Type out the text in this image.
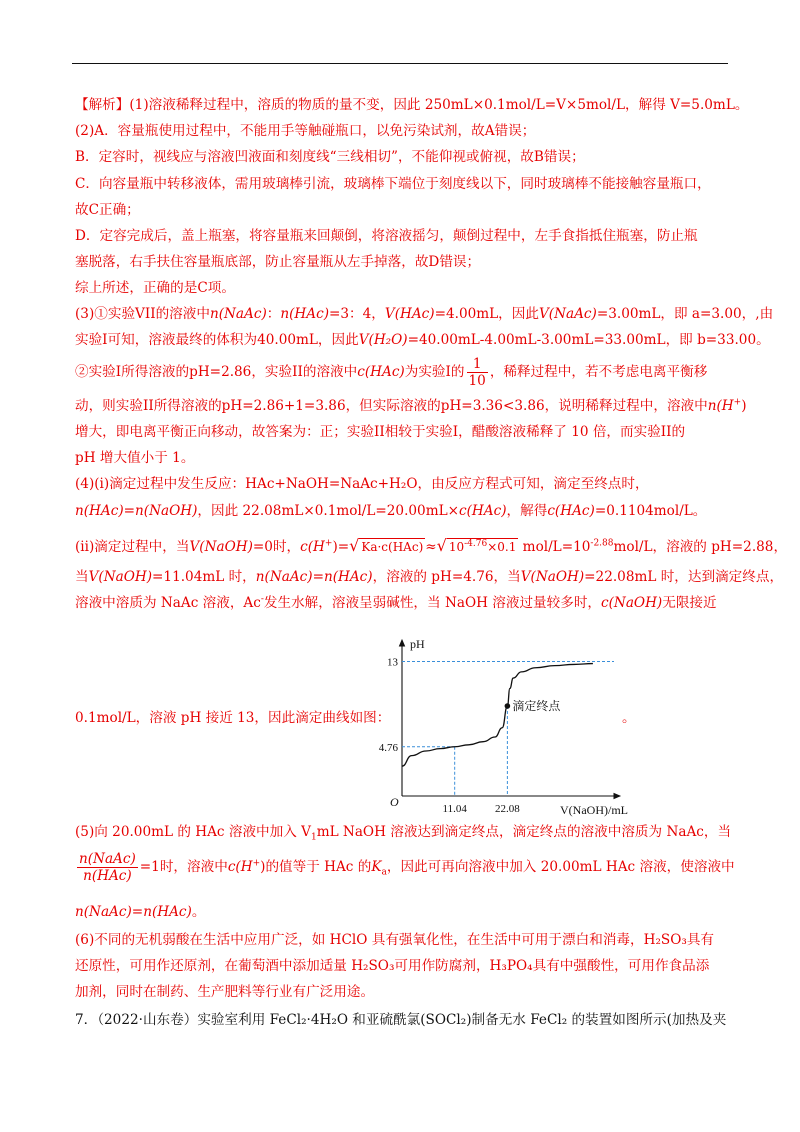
【解析】(1)溶液稀释过程中，溶质的物质的量不变，因此 250mL×0.1mol/L=V×5mol/L，解得 V=5.0mL。
(2)A．容量瓶使用过程中，不能用手等触碰瓶口，以免污染试剂，故A错误；
B．定容时，视线应与溶液凹液面和刻度线“三线相切”，不能仰视或俯视，故B错误；
C．向容量瓶中转移液体，需用玻璃棒引流，玻璃棒下端位于刻度线以下，同时玻璃棒不能接触容量瓶口，
故C正确；
D．定容完成后，盖上瓶塞，将容量瓶来回颠倒，将溶液摇匀，颠倒过程中，左手食指抵住瓶塞，防止瓶
塞脱落，右手扶住容量瓶底部，防止容量瓶从左手掉落，故D错误；
综上所述，正确的是C项。
(3)①实验VII的溶液中n(NaAc)：n(HAc)=3：4，V(HAc)=4.00mL，因此V(NaAc)=3.00mL，即 a=3.00，,由
实验I可知，溶液最终的体积为40.00mL，因此V(H₂O)=40.00mL-4.00mL-3.00mL=33.00mL，即 b=33.00。
②实验I所得溶液的pH=2.86，实验II的溶液中c(HAc)为实验I的 $\frac{1}{10}$ ，稀释过程中，若不考虑电离平衡移
动，则实验II所得溶液的pH=2.86+1=3.86，但实际溶液的pH=3.36<3.86，说明稀释过程中，溶液中n(H+)
增大，即电离平衡正向移动，故答案为：正；实验II相较于实验I，醋酸溶液稀释了 10 倍，而实验II的
pH 增大值小于 1。
(4)(i)滴定过程中发生反应：HAc+NaOH=NaAc+H₂O，由反应方程式可知，滴定至终点时，
n(HAc)=n(NaOH)，因此 22.08mL×0.1mol/L=20.00mL×c(HAc)，解得c(HAc)=0.1104mol/L。
(ii)滴定过程中，当V(NaOH)=0时，c(H+)=√ Ka·c(HAc) ≈√ $10^{-4.76}\times 0.1$ mol/$L=10^{-2.88}mol/L$，溶液的 pH=2.88，
当V(NaOH)=11.04mL 时，n(NaAc)=n(HAc)，溶液的 pH=4.76，当V(NaOH)=22.08mL 时，达到滴定终点，
溶液中溶质为 NaAc 溶液，Ac-发生水解，溶液呈弱碱性，当 NaOH 溶液过量较多时，c(NaOH)无限接近
0.1mol/L，溶液 pH 接近 13，因此滴定曲线如图：	。
pH
V(NaOH)/mL
O
滴定终点
11.04	22.08
4.76
13
(5)向 20.00mL 的 HAc 溶液中加入 $V_1mL$ NaOH 溶液达到滴定终点，滴定终点的溶液中溶质为 NaAc，当
$\frac{\text{n(NaAc)}}{\text{n(HAc)}} =1$时，溶液中c(H+)的值等于 HAc 的$K_a$，因此可再向溶液中加入 20.00mL HAc 溶液，使溶液中
n(NaAc)=n(HAc)。
(6)不同的无机弱酸在生活中应用广泛，如 HClO 具有强氧化性，在生活中可用于漂白和消毒，H₂SO₃具有
还原性，可用作还原剂，在葡萄酒中添加适量 H₂SO₃可用作防腐剂，H₃PO₄具有中强酸性，可用作食品添
加剂，同时在制药、生产肥料等行业有广泛用途。
7．（2022·山东卷）实验室利用 FeCl₂·4H₂O 和亚硫酰氯(SOCl₂)制备无水 FeCl₂ 的装置如图所示(加热及夹
